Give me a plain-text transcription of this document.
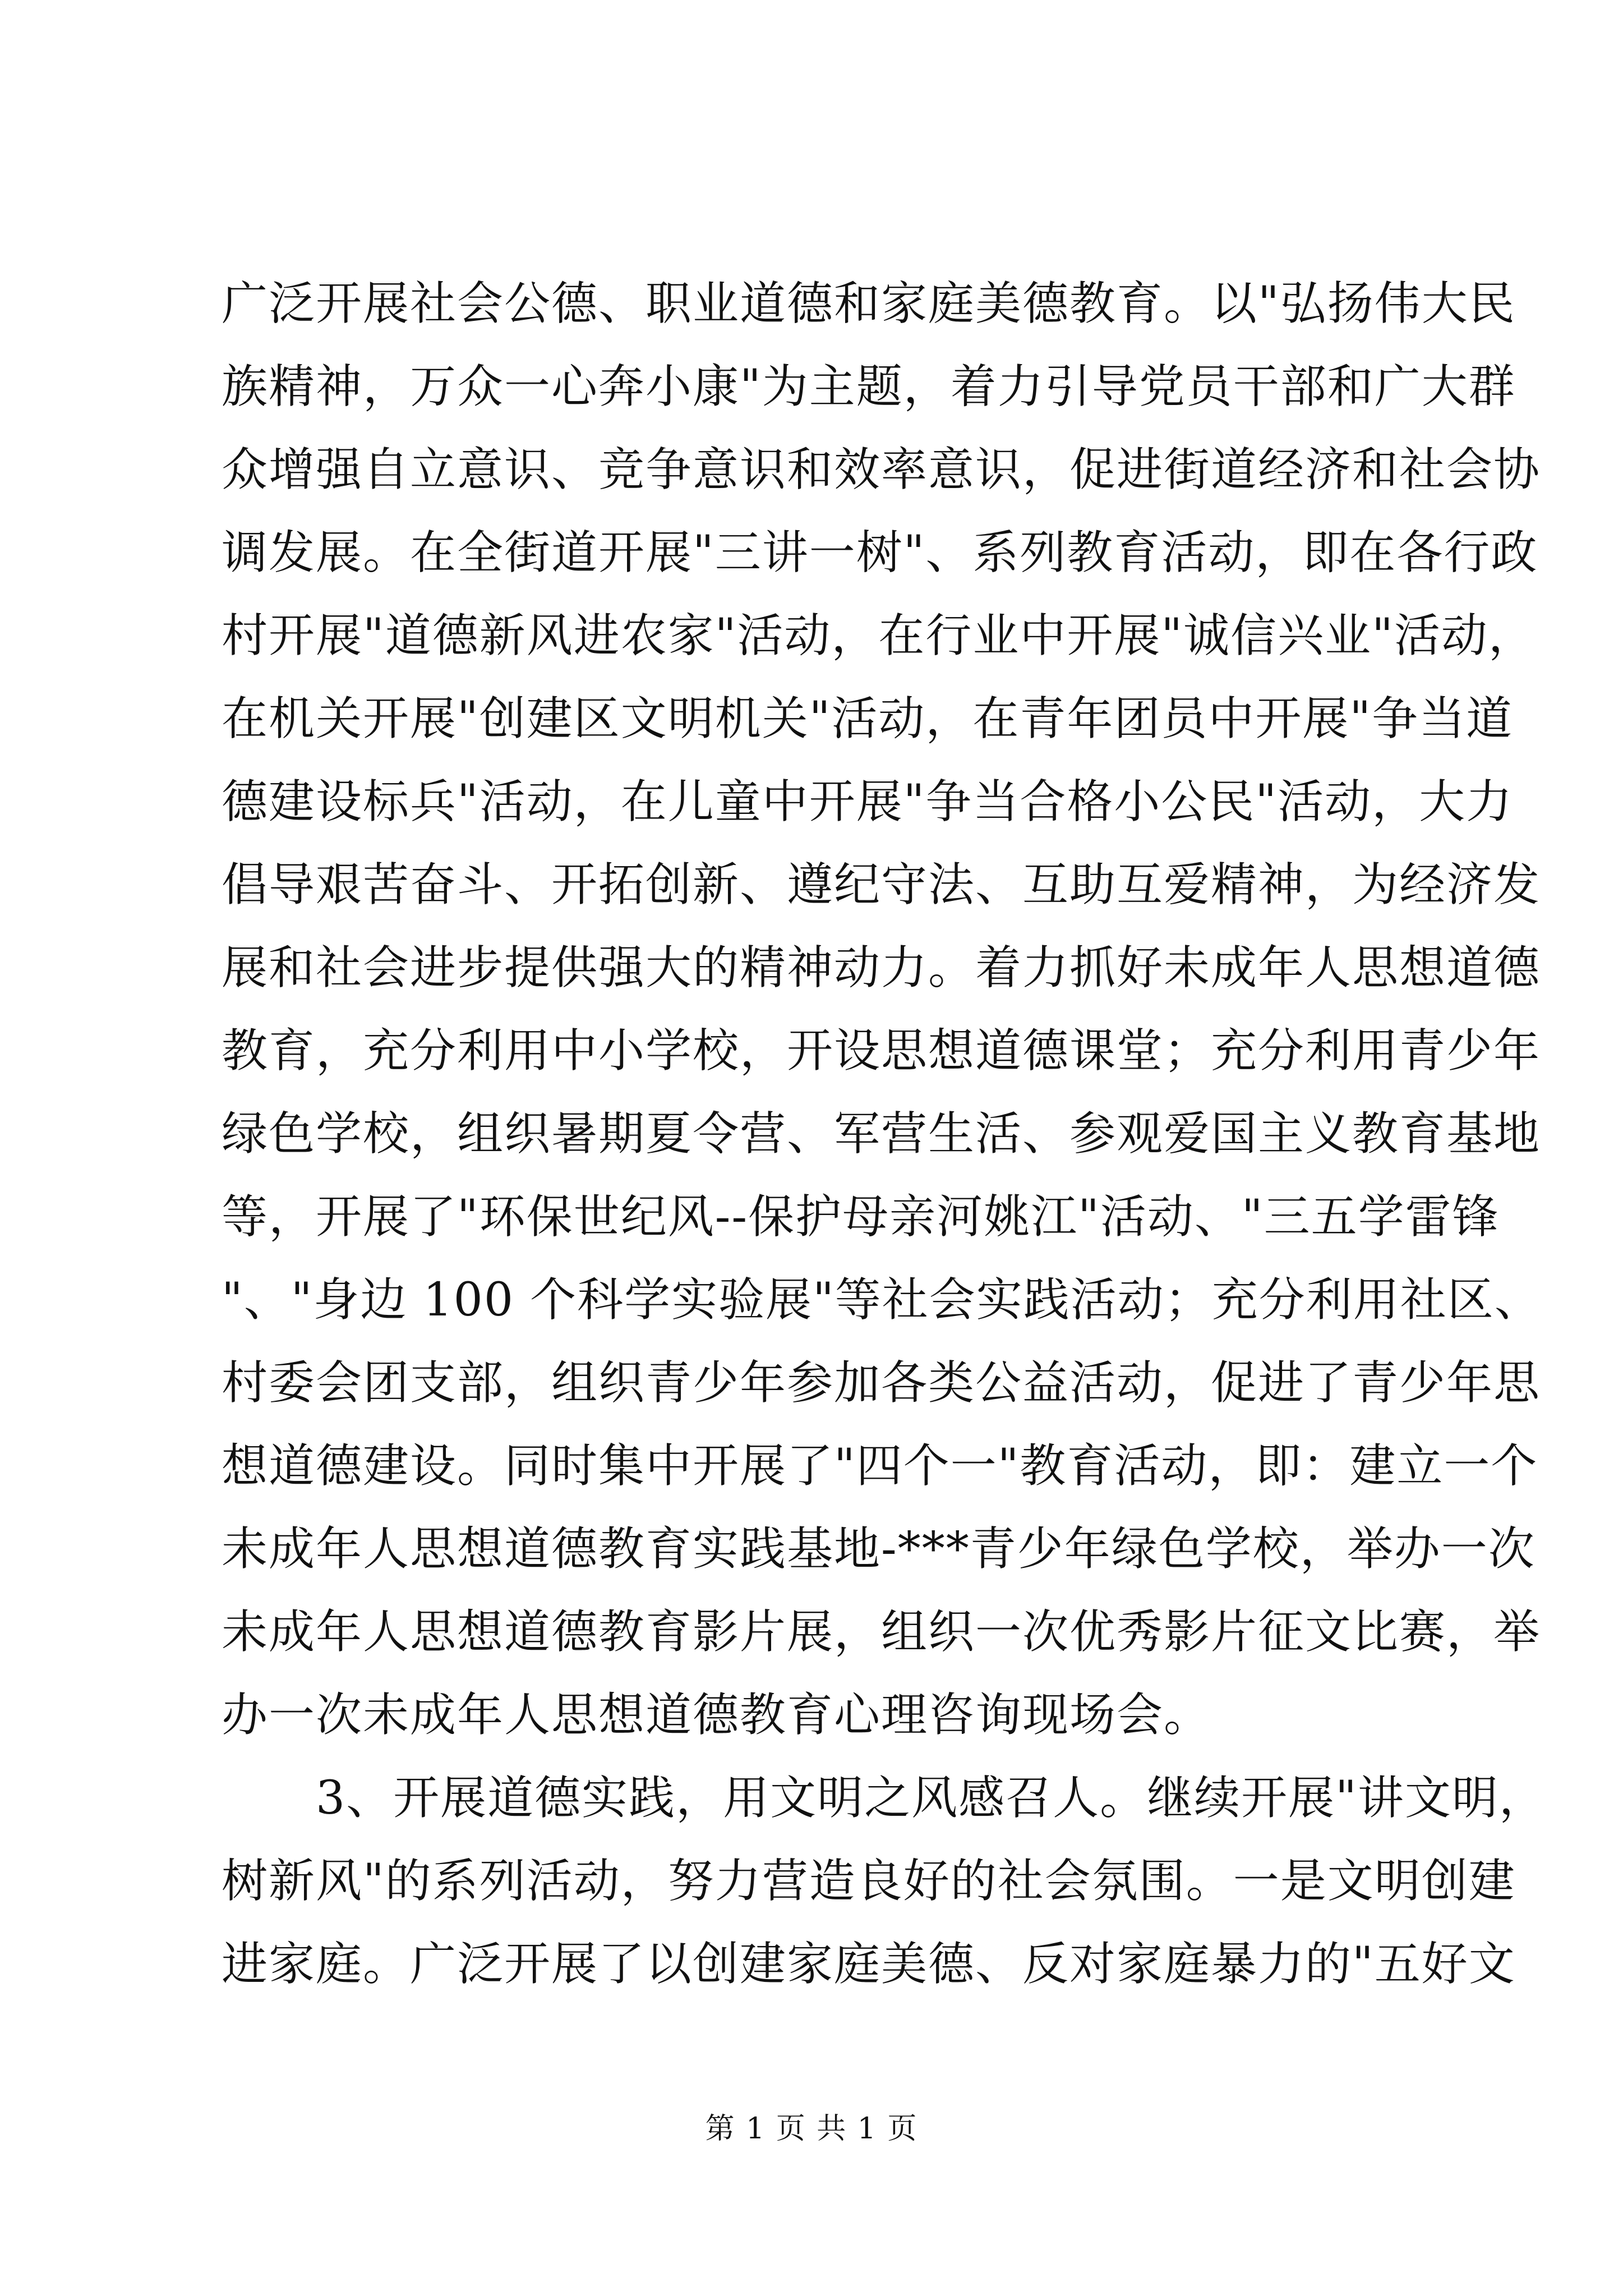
广泛开展社会公德、职业道德和家庭美德教育。以"弘扬伟大民
族精神，万众一心奔小康"为主题，着力引导党员干部和广大群
众增强自立意识、竞争意识和效率意识，促进街道经济和社会协
调发展。在全街道开展"三讲一树"、系列教育活动，即在各行政
村开展"道德新风进农家"活动，在行业中开展"诚信兴业"活动，
在机关开展"创建区文明机关"活动，在青年团员中开展"争当道
德建设标兵"活动，在儿童中开展"争当合格小公民"活动，大力
倡导艰苦奋斗、开拓创新、遵纪守法、互助互爱精神，为经济发
展和社会进步提供强大的精神动力。着力抓好未成年人思想道德
教育，充分利用中小学校，开设思想道德课堂；充分利用青少年
绿色学校，组织暑期夏令营、军营生活、参观爱国主义教育基地
等，开展了"环保世纪风--保护母亲河姚江"活动、"三五学雷锋
"、"身边 100 个科学实验展"等社会实践活动；充分利用社区、
村委会团支部，组织青少年参加各类公益活动，促进了青少年思
想道德建设。同时集中开展了"四个一"教育活动，即：建立一个
未成年人思想道德教育实践基地-***青少年绿色学校，举办一次
未成年人思想道德教育影片展，组织一次优秀影片征文比赛，举
办一次未成年人思想道德教育心理咨询现场会。
　　3、开展道德实践，用文明之风感召人。继续开展"讲文明，
树新风"的系列活动，努力营造良好的社会氛围。一是文明创建
进家庭。广泛开展了以创建家庭美德、反对家庭暴力的"五好文
第 1 页 共 1 页
